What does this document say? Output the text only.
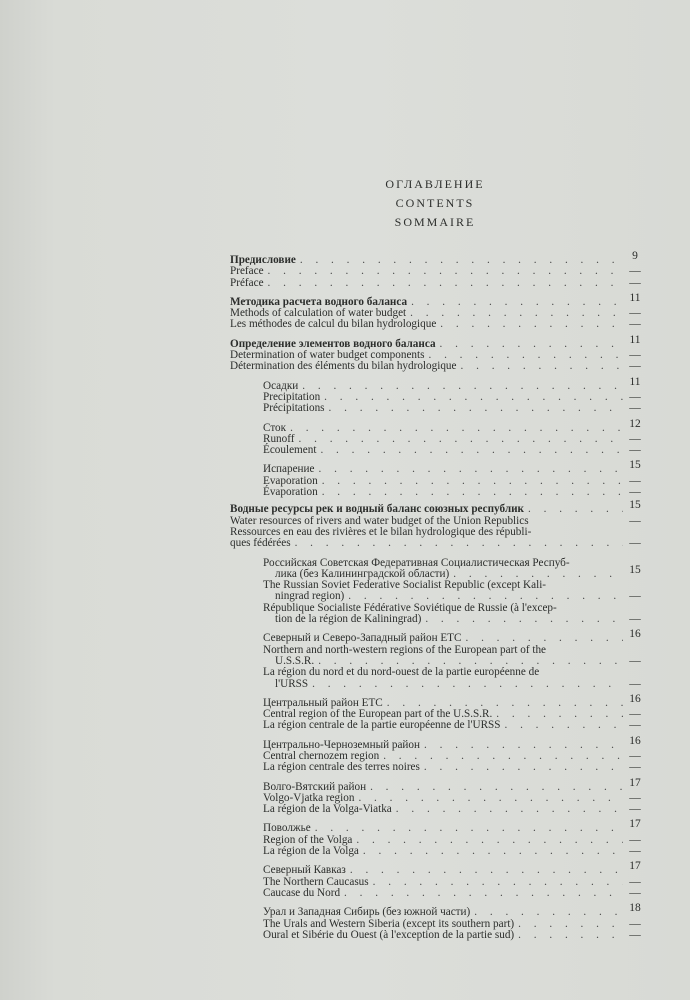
ОГЛАВЛЕНИЕ
CONTENTS
SOMMAIRE
Предисловие . . .	9
Preface . . .	—
Préface . . .	—
Методика расчета водного баланса . . .	11
Methods of calculation of water budget . . .	—
Les méthodes de calcul du bilan hydrologique . . .	—
Определение элементов водного баланса . . .	11
Determination of water budget components . . .	—
Détermination des éléments du bilan hydrologique . . .	—
Осадки . . .	11
Precipitation . . .	—
Précipitations . . .	—
Сток . . .	12
Runoff . . .	—
Écoulement . . .	—
Испарение . . .	15
Evaporation . . .	—
Évaporation . . .	—
Водные ресурсы рек и водный баланс союзных республик . . .	15
Water resources of rivers and water budget of the Union Republics	—
Ressources en eau des rivières et le bilan hydrologique des républi-
ques fédérées . . .	—
Российская Советская Федеративная Социалистическая Респуб-
лика (без Калининградской области) . . .	15
The Russian Soviet Federative Socialist Republic (except Kali-
ningrad region) . . .	—
République Socialiste Fédérative Soviétique de Russie (à l'excep-
tion de la région de Kaliningrad) . . .	—
Северный и Северо-Западный район ЕТС . . .	16
Northern and north-western regions of the European part of the
U.S.S.R. . . .	—
La région du nord et du nord-ouest de la partie européenne de
l'URSS . . .	—
Центральный район ЕТС . . .	16
Central region of the European part of the U.S.S.R. . . .	—
La région centrale de la partie européenne de l'URSS . . .	—
Центрально-Черноземный район . . .	16
Central chernozem region . . .	—
La région centrale des terres noires . . .	—
Волго-Вятский район . . .	17
Volgo-Vjatka region . . .	—
La région de la Volga-Viatka . . .	—
Поволжье . . .	17
Region of the Volga . . .	—
La région de la Volga . . .	—
Северный Кавказ . . .	17
The Northern Caucasus . . .	—
Caucase du Nord . . .	—
Урал и Западная Сибирь (без южной части) . . .	18
The Urals and Western Siberia (except its southern part) . . .	—
Oural et Sibérie du Ouest (à l'exception de la partie sud) . . .	—
